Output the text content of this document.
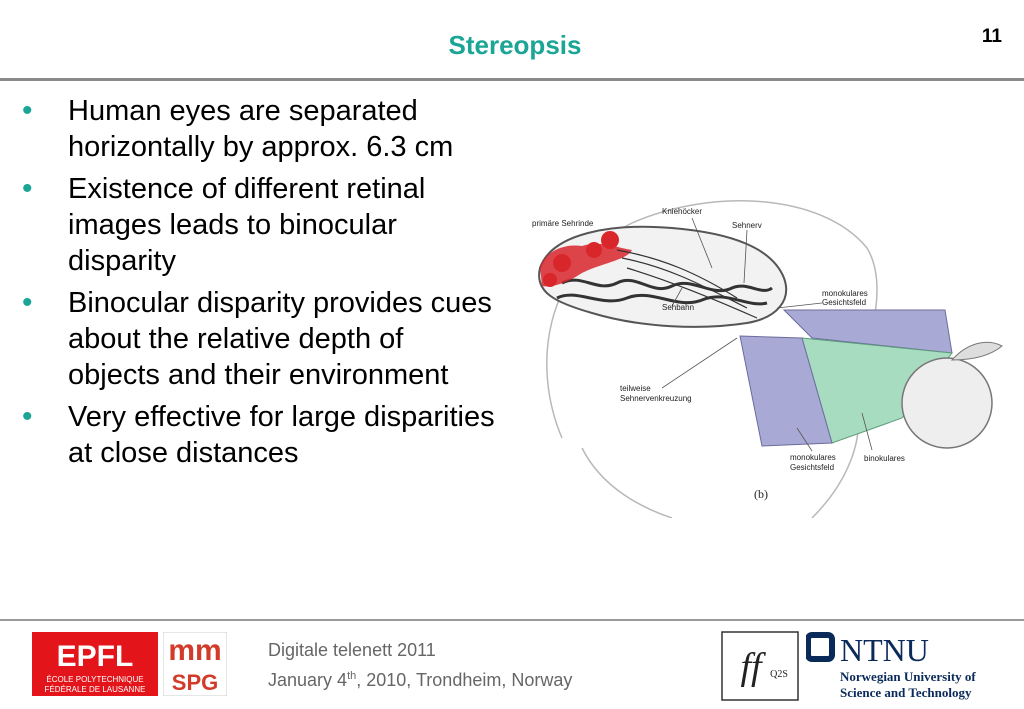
Stereopsis	11
• Human eyes are separated horizontally by approx. 6.3 cm
• Existence of different retinal images leads to binocular disparity
• Binocular disparity provides cues about the relative depth of objects and their environment
• Very effective for large disparities at close distances
primäre Sehrinde
Kniehöcker
Sehnerv
Sehbahn
monokulares
Gesichtsfeld
teilweise
Sehnervenkreuzung
monokulares
Gesichtsfeld
binokulares
(b)
EPFL
ÉCOLE POLYTECHNIQUE
FÉDÉRALE DE LAUSANNE
mm
SPG
Digitale telenett 2011
January 4th, 2010, Trondheim, Norway	ff Q2S
NTNU
Norwegian University of
Science and Technology
